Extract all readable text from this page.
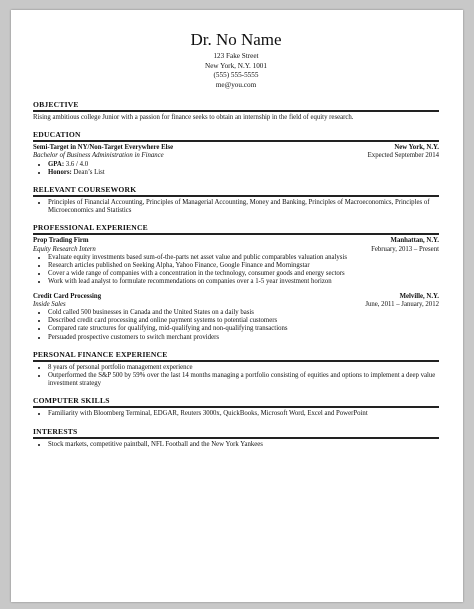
Dr. No Name
123 Fake Street
New York, N.Y. 1001
(555) 555-5555
me@you.com
OBJECTIVE
Rising ambitious college Junior with a passion for finance seeks to obtain an internship in the field of equity research.
EDUCATION
Semi-Target in NY/Non-Target Everywhere Else	New York, N.Y.
Bachelor of Business Administration in Finance	Expected September 2014
• GPA: 3.6 / 4.0
• Honors: Dean’s List
RELEVANT COURSEWORK
• Principles of Financial Accounting, Principles of Managerial Accounting, Money and Banking, Principles of Macroeconomics, Principles of Microeconomics and Statistics
PROFESSIONAL EXPERIENCE
Prop Trading Firm	Manhattan, N.Y.
Equity Research Intern	February, 2013 – Present
• Evaluate equity investments based sum-of-the-parts net asset value and public comparables valuation analysis
• Research articles published on Seeking Alpha, Yahoo Finance, Google Finance and Morningstar
• Cover a wide range of companies with a concentration in the technology, consumer goods and energy sectors
• Work with lead analyst to formulate recommendations on companies over a 1-5 year investment horizon
Credit Card Processing	Melville, N.Y.
Inside Sales	June, 2011 – January, 2012
• Cold called 500 businesses in Canada and the United States on a daily basis
• Described credit card processing and online payment systems to potential customers
• Compared rate structures for qualifying, mid-qualifying and non-qualifying transactions
• Persuaded prospective customers to switch merchant providers
PERSONAL FINANCE EXPERIENCE
• 8 years of personal portfolio management experience
• Outperformed the S&P 500 by 59% over the last 14 months managing a portfolio consisting of equities and options to implement a deep value investment strategy
COMPUTER SKILLS
• Familiarity with Bloomberg Terminal, EDGAR, Reuters 3000x, QuickBooks, Microsoft Word, Excel and PowerPoint
INTERESTS
• Stock markets, competitive paintball, NFL Football and the New York Yankees
